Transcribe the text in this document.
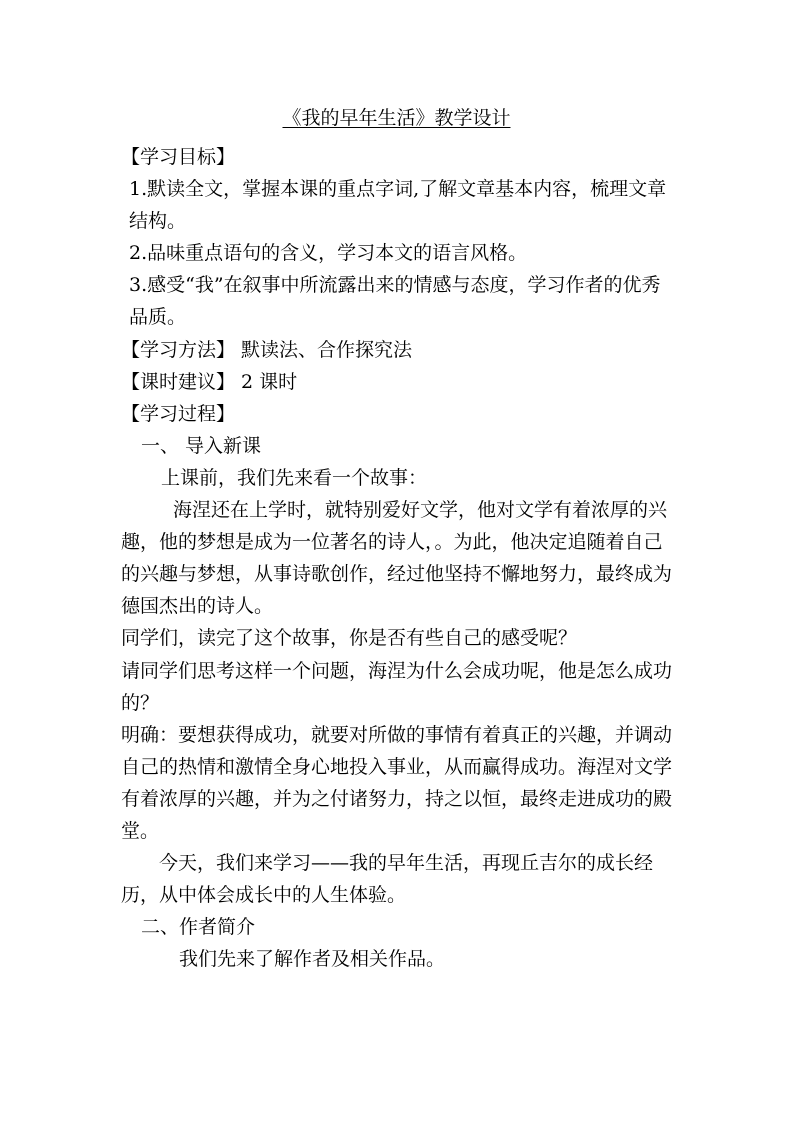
《我的早年生活》教学设计

【学习目标】

1.默读全文，掌握本课的重点字词,了解文章基本内容，梳理文章结构。

2.品味重点语句的含义，学习本文的语言风格。

3.感受“我”在叙事中所流露出来的情感与态度，学习作者的优秀品质。

【学习方法】 默读法、合作探究法

【课时建议】 2 课时

【学习过程】

一、 导入新课

上课前，我们先来看一个故事：

海涅还在上学时，就特别爱好文学，他对文学有着浓厚的兴趣，他的梦想是成为一位著名的诗人，。为此，他决定追随着自己的兴趣与梦想，从事诗歌创作，经过他坚持不懈地努力，最终成为德国杰出的诗人。

同学们，读完了这个故事，你是否有些自己的感受呢？

请同学们思考这样一个问题，海涅为什么会成功呢，他是怎么成功的？

明确：要想获得成功，就要对所做的事情有着真正的兴趣，并调动自己的热情和激情全身心地投入事业，从而赢得成功。海涅对文学有着浓厚的兴趣，并为之付诸努力，持之以恒，最终走进成功的殿堂。

今天，我们来学习——我的早年生活，再现丘吉尔的成长经历，从中体会成长中的人生体验。

二、作者简介

我们先来了解作者及相关作品。
